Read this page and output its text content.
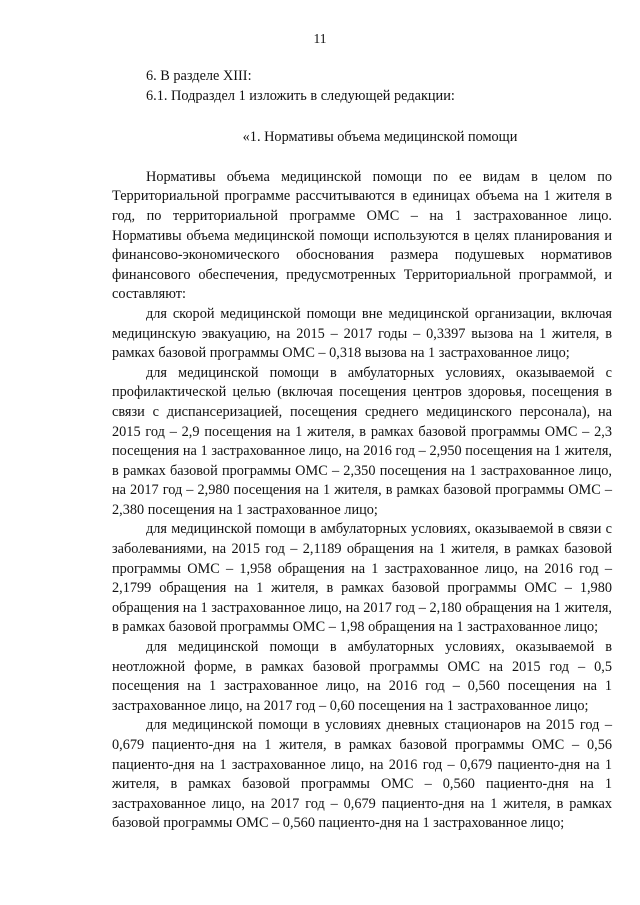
11

6. В разделе XIII:

6.1. Подраздел 1 изложить в следующей редакции:

«1. Нормативы объема медицинской помощи

Нормативы объема медицинской помощи по ее видам в целом по Территориальной программе рассчитываются в единицах объема на 1 жителя в год, по территориальной программе ОМС – на 1 застрахованное лицо. Нормативы объема медицинской помощи используются в целях планирования и финансово-экономического обоснования размера подушевых нормативов финансового обеспечения, предусмотренных Территориальной программой, и составляют:

для скорой медицинской помощи вне медицинской организации, включая медицинскую эвакуацию, на 2015 – 2017 годы – 0,3397 вызова на 1 жителя, в рамках базовой программы ОМС – 0,318 вызова на 1 застрахованное лицо;

для медицинской помощи в амбулаторных условиях, оказываемой с профилактической целью (включая посещения центров здоровья, посещения в связи с диспансеризацией, посещения среднего медицинского персонала), на 2015 год – 2,9 посещения на 1 жителя, в рамках базовой программы ОМС – 2,3 посещения на 1 застрахованное лицо, на 2016 год – 2,950 посещения на 1 жителя, в рамках базовой программы ОМС – 2,350 посещения на 1 застрахованное лицо, на 2017 год – 2,980 посещения на 1 жителя, в рамках базовой программы ОМС – 2,380 посещения на 1 застрахованное лицо;

для медицинской помощи в амбулаторных условиях, оказываемой в связи с заболеваниями, на 2015 год – 2,1189 обращения на 1 жителя, в рамках базовой программы ОМС – 1,958 обращения на 1 застрахованное лицо, на 2016 год – 2,1799 обращения на 1 жителя, в рамках базовой программы ОМС – 1,980 обращения на 1 застрахованное лицо, на 2017 год – 2,180 обращения на 1 жителя, в рамках базовой программы ОМС – 1,98 обращения на 1 застрахованное лицо;

для медицинской помощи в амбулаторных условиях, оказываемой в неотложной форме, в рамках базовой программы ОМС на 2015 год – 0,5 посещения на 1 застрахованное лицо, на 2016 год – 0,560 посещения на 1 застрахованное лицо, на 2017 год – 0,60 посещения на 1 застрахованное лицо;

для медицинской помощи в условиях дневных стационаров на 2015 год – 0,679 пациенто-дня на 1 жителя, в рамках базовой программы ОМС – 0,56 пациенто-дня на 1 застрахованное лицо, на 2016 год – 0,679 пациенто-дня на 1 жителя, в рамках базовой программы ОМС – 0,560 пациенто-дня на 1 застрахованное лицо, на 2017 год – 0,679 пациенто-дня на 1 жителя, в рамках базовой программы ОМС – 0,560 пациенто-дня на 1 застрахованное лицо;
